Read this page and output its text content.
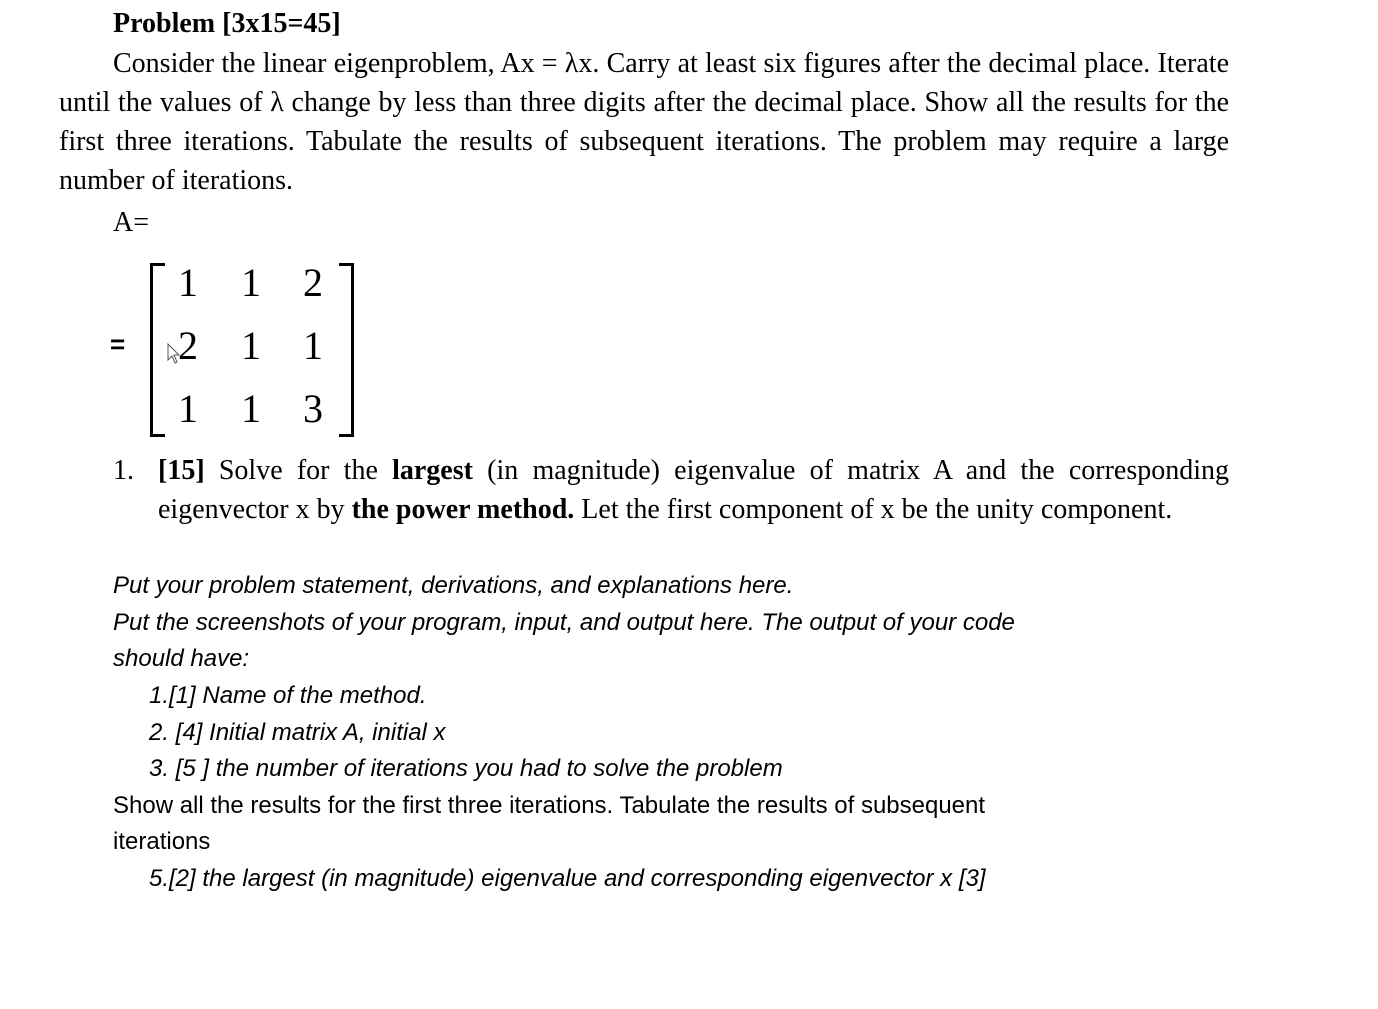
Problem [3x15=45]

Consider the linear eigenproblem, Ax = λx. Carry at least six figures after the decimal place. Iterate until the values of λ change by less than three digits after the decimal place. Show all the results for the first three iterations. Tabulate the results of subsequent iterations. The problem may require a large number of iterations.

A=
=
1 1 2
2 1 1
1 1 3
1. [15] Solve for the largest (in magnitude) eigenvalue of matrix A and the corresponding eigenvector x by the power method. Let the first component of x be the unity component.

Put your problem statement, derivations, and explanations here.
Put the screenshots of your program, input, and output here. The output of your code
should have:
1.[1] Name of the method.
2. [4] Initial matrix A, initial x
3. [5 ] the number of iterations you had to solve the problem
Show all the results for the first three iterations. Tabulate the results of subsequent
iterations
5.[2] the largest (in magnitude) eigenvalue and corresponding eigenvector x [3]
